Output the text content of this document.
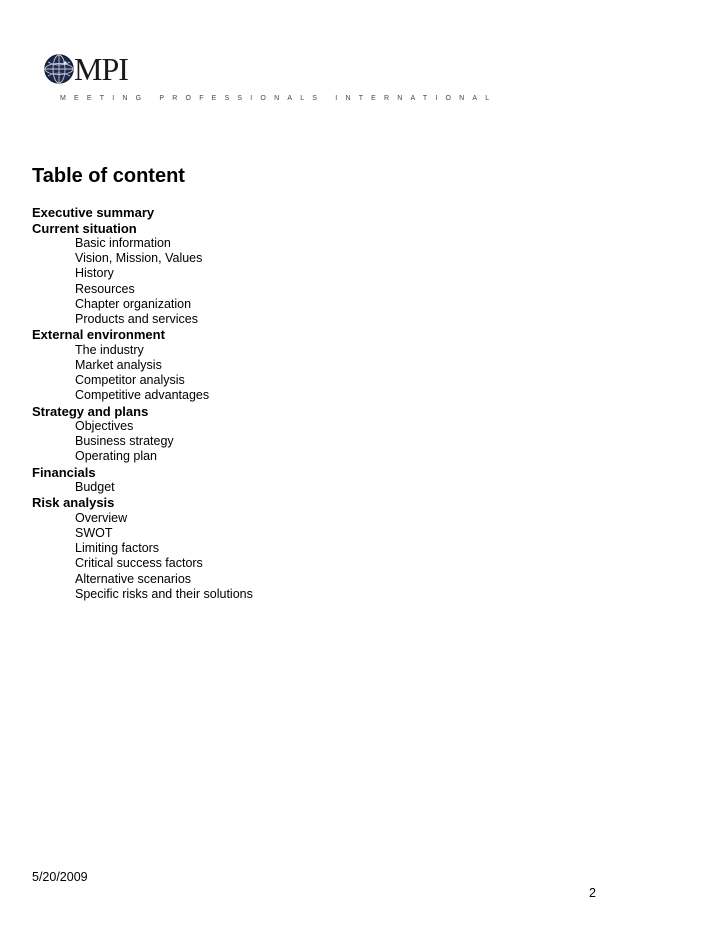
MPI
MEETING PROFESSIONALS INTERNATIONAL
Table of content
Executive summary
Current situation
Basic information
Vision, Mission, Values
History
Resources
Chapter organization
Products and services
External environment
The industry
Market analysis
Competitor analysis
Competitive advantages
Strategy and plans
Objectives
Business strategy
Operating plan
Financials
Budget
Risk analysis
Overview
SWOT
Limiting factors
Critical success factors
Alternative scenarios
Specific risks and their solutions
5/20/2009
2
